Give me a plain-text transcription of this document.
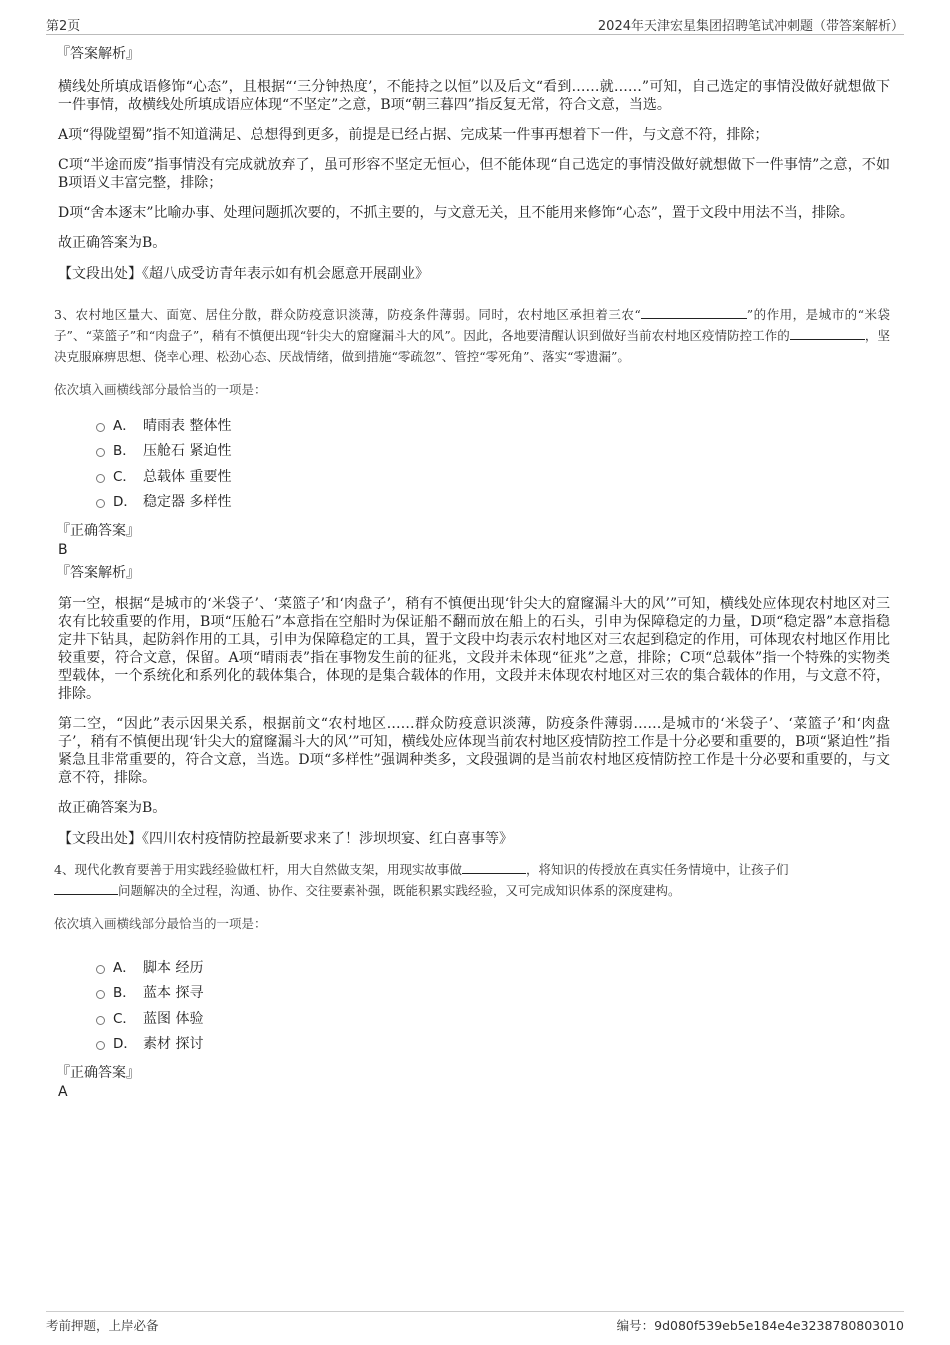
第2页	2024年天津宏星集团招聘笔试冲刺题（带答案解析）
『答案解析』

横线处所填成语修饰“心态”，且根据“‘三分钟热度’，不能持之以恒”以及后文“看到……就……”可知，自己选定的事情没做好就想做下一件事情，故横线处所填成语应体现“不坚定”之意，B项“朝三暮四”指反复无常，符合文意，当选。

A项“得陇望蜀”指不知道满足、总想得到更多，前提是已经占据、完成某一件事再想着下一件，与文意不符，排除；

C项“半途而废”指事情没有完成就放弃了，虽可形容不坚定无恒心，但不能体现“自己选定的事情没做好就想做下一件事情”之意，不如B项语义丰富完整，排除；

D项“舍本逐末”比喻办事、处理问题抓次要的，不抓主要的，与文意无关，且不能用来修饰“心态”，置于文段中用法不当，排除。

故正确答案为B。

【文段出处】《超八成受访青年表示如有机会愿意开展副业》
3、农村地区量大、面宽、居住分散，群众防疫意识淡薄，防疫条件薄弱。同时，农村地区承担着三农“	”的作用，是城市的“米袋子”、“菜篮子”和“肉盘子”，稍有不慎便出现“针尖大的窟窿漏斗大的风”。因此，各地要清醒认识到做好当前农村地区疫情防控工作的	，坚决克服麻痹思想、侥幸心理、松劲心态、厌战情绪，做到措施“零疏忽”、管控“零死角”、落实“零遗漏”。
依次填入画横线部分最恰当的一项是：
A． 晴雨表 整体性
B． 压舱石 紧迫性
C． 总载体 重要性
D． 稳定器 多样性
『正确答案』
B
『答案解析』

第一空，根据“是城市的‘米袋子’、‘菜篮子’和‘肉盘子’，稍有不慎便出现‘针尖大的窟窿漏斗大的风’”可知，横线处应体现农村地区对三农有比较重要的作用，B项“压舱石”本意指在空船时为保证船不翻而放在船上的石头，引申为保障稳定的力量，D项“稳定器”本意指稳定井下钻具，起防斜作用的工具，引申为保障稳定的工具，置于文段中均表示农村地区对三农起到稳定的作用，可体现农村地区作用比较重要，符合文意，保留。A项“晴雨表”指在事物发生前的征兆，文段并未体现“征兆”之意，排除；C项“总载体”指一个特殊的实物类型载体，一个系统化和系列化的载体集合，体现的是集合载体的作用，文段并未体现农村地区对三农的集合载体的作用，与文意不符，排除。

第二空，“因此”表示因果关系，根据前文“农村地区……群众防疫意识淡薄，防疫条件薄弱……是城市的‘米袋子’、‘菜篮子’和‘肉盘子’，稍有不慎便出现‘针尖大的窟窿漏斗大的风’”可知，横线处应体现当前农村地区疫情防控工作是十分必要和重要的，B项“紧迫性”指紧急且非常重要的，符合文意，当选。D项“多样性”强调种类多，文段强调的是当前农村地区疫情防控工作是十分必要和重要的，与文意不符，排除。

故正确答案为B。

【文段出处】《四川农村疫情防控最新要求来了！涉坝坝宴、红白喜事等》
4、现代化教育要善于用实践经验做杠杆，用大自然做支架，用现实故事做	，将知识的传授放在真实任务情境中，让孩子们
问题解决的全过程，沟通、协作、交往要素补强，既能积累实践经验，又可完成知识体系的深度建构。
依次填入画横线部分最恰当的一项是：
A． 脚本 经历
B． 蓝本 探寻
C． 蓝图 体验
D． 素材 探讨
『正确答案』
A
考前押题，上岸必备	编号：9d080f539eb5e184e4e3238780803010
